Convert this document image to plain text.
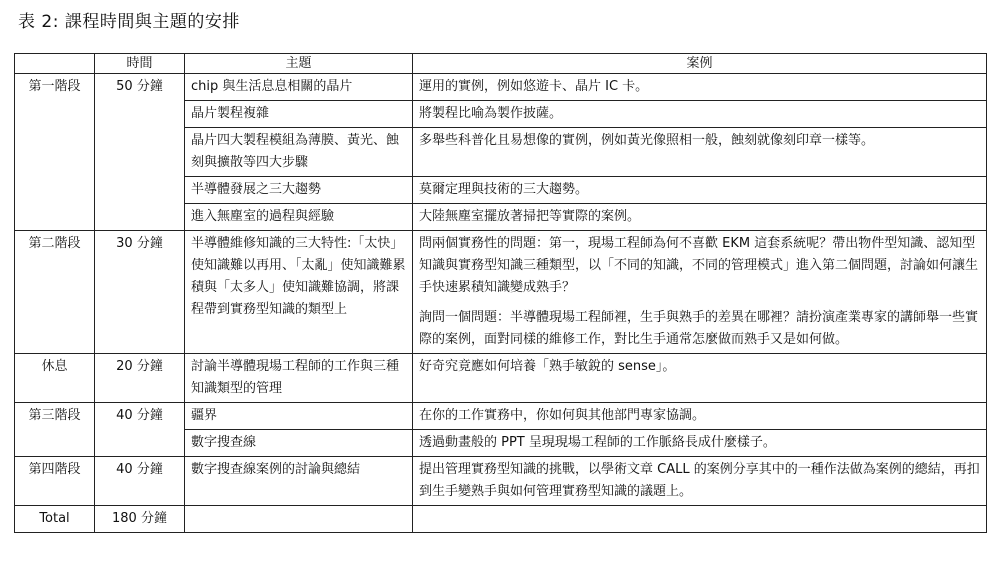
表 2: 課程時間與主題的安排
	時間	主題	案例
第一階段	50 分鐘	chip 與生活息息相關的晶片	運用的實例，例如悠遊卡、晶片 IC 卡。

		晶片製程複雜	將製程比喻為製作披薩。

		晶片四大製程模組為薄膜、黃光、蝕刻與擴散等四大步驟	多舉些科普化且易想像的實例，例如黃光像照相一般，蝕刻就像刻印章一樣等。

		半導體發展之三大趨勢	莫爾定理與技術的三大趨勢。

		進入無塵室的過程與經驗	大陸無塵室擺放著掃把等實際的案例。

第二階段	30 分鐘	半導體維修知識的三大特性:「太快」使知識難以再用、「太亂」使知識難累積與「太多人」使知識難協調，將課程帶到實務型知識的類型上	問兩個實務性的問題：第一，現場工程師為何不喜歡 EKM 這套系統呢？帶出物件型知識、認知型知識與實務型知識三種類型，以「不同的知識，不同的管理模式」進入第二個問題，討論如何讓生手快速累積知識變成熟手？

詢問一個問題：半導體現場工程師裡，生手與熟手的差異在哪裡？請扮演產業專家的講師舉一些實際的案例，面對同樣的維修工作，對比生手通常怎麼做而熟手又是如何做。

休息	20 分鐘	討論半導體現場工程師的工作與三種知識類型的管理	好奇究竟應如何培養「熟手敏銳的 sense」。

第三階段	40 分鐘	疆界	在你的工作實務中，你如何與其他部門專家協調。

		數字搜查線	透過動畫般的 PPT 呈現現場工程師的工作脈絡長成什麼樣子。

第四階段	40 分鐘	數字搜查線案例的討論與總結	提出管理實務型知識的挑戰，以學術文章 CALL 的案例分享其中的一種作法做為案例的總結，再扣到生手變熟手與如何管理實務型知識的議題上。

Total	180 分鐘		
